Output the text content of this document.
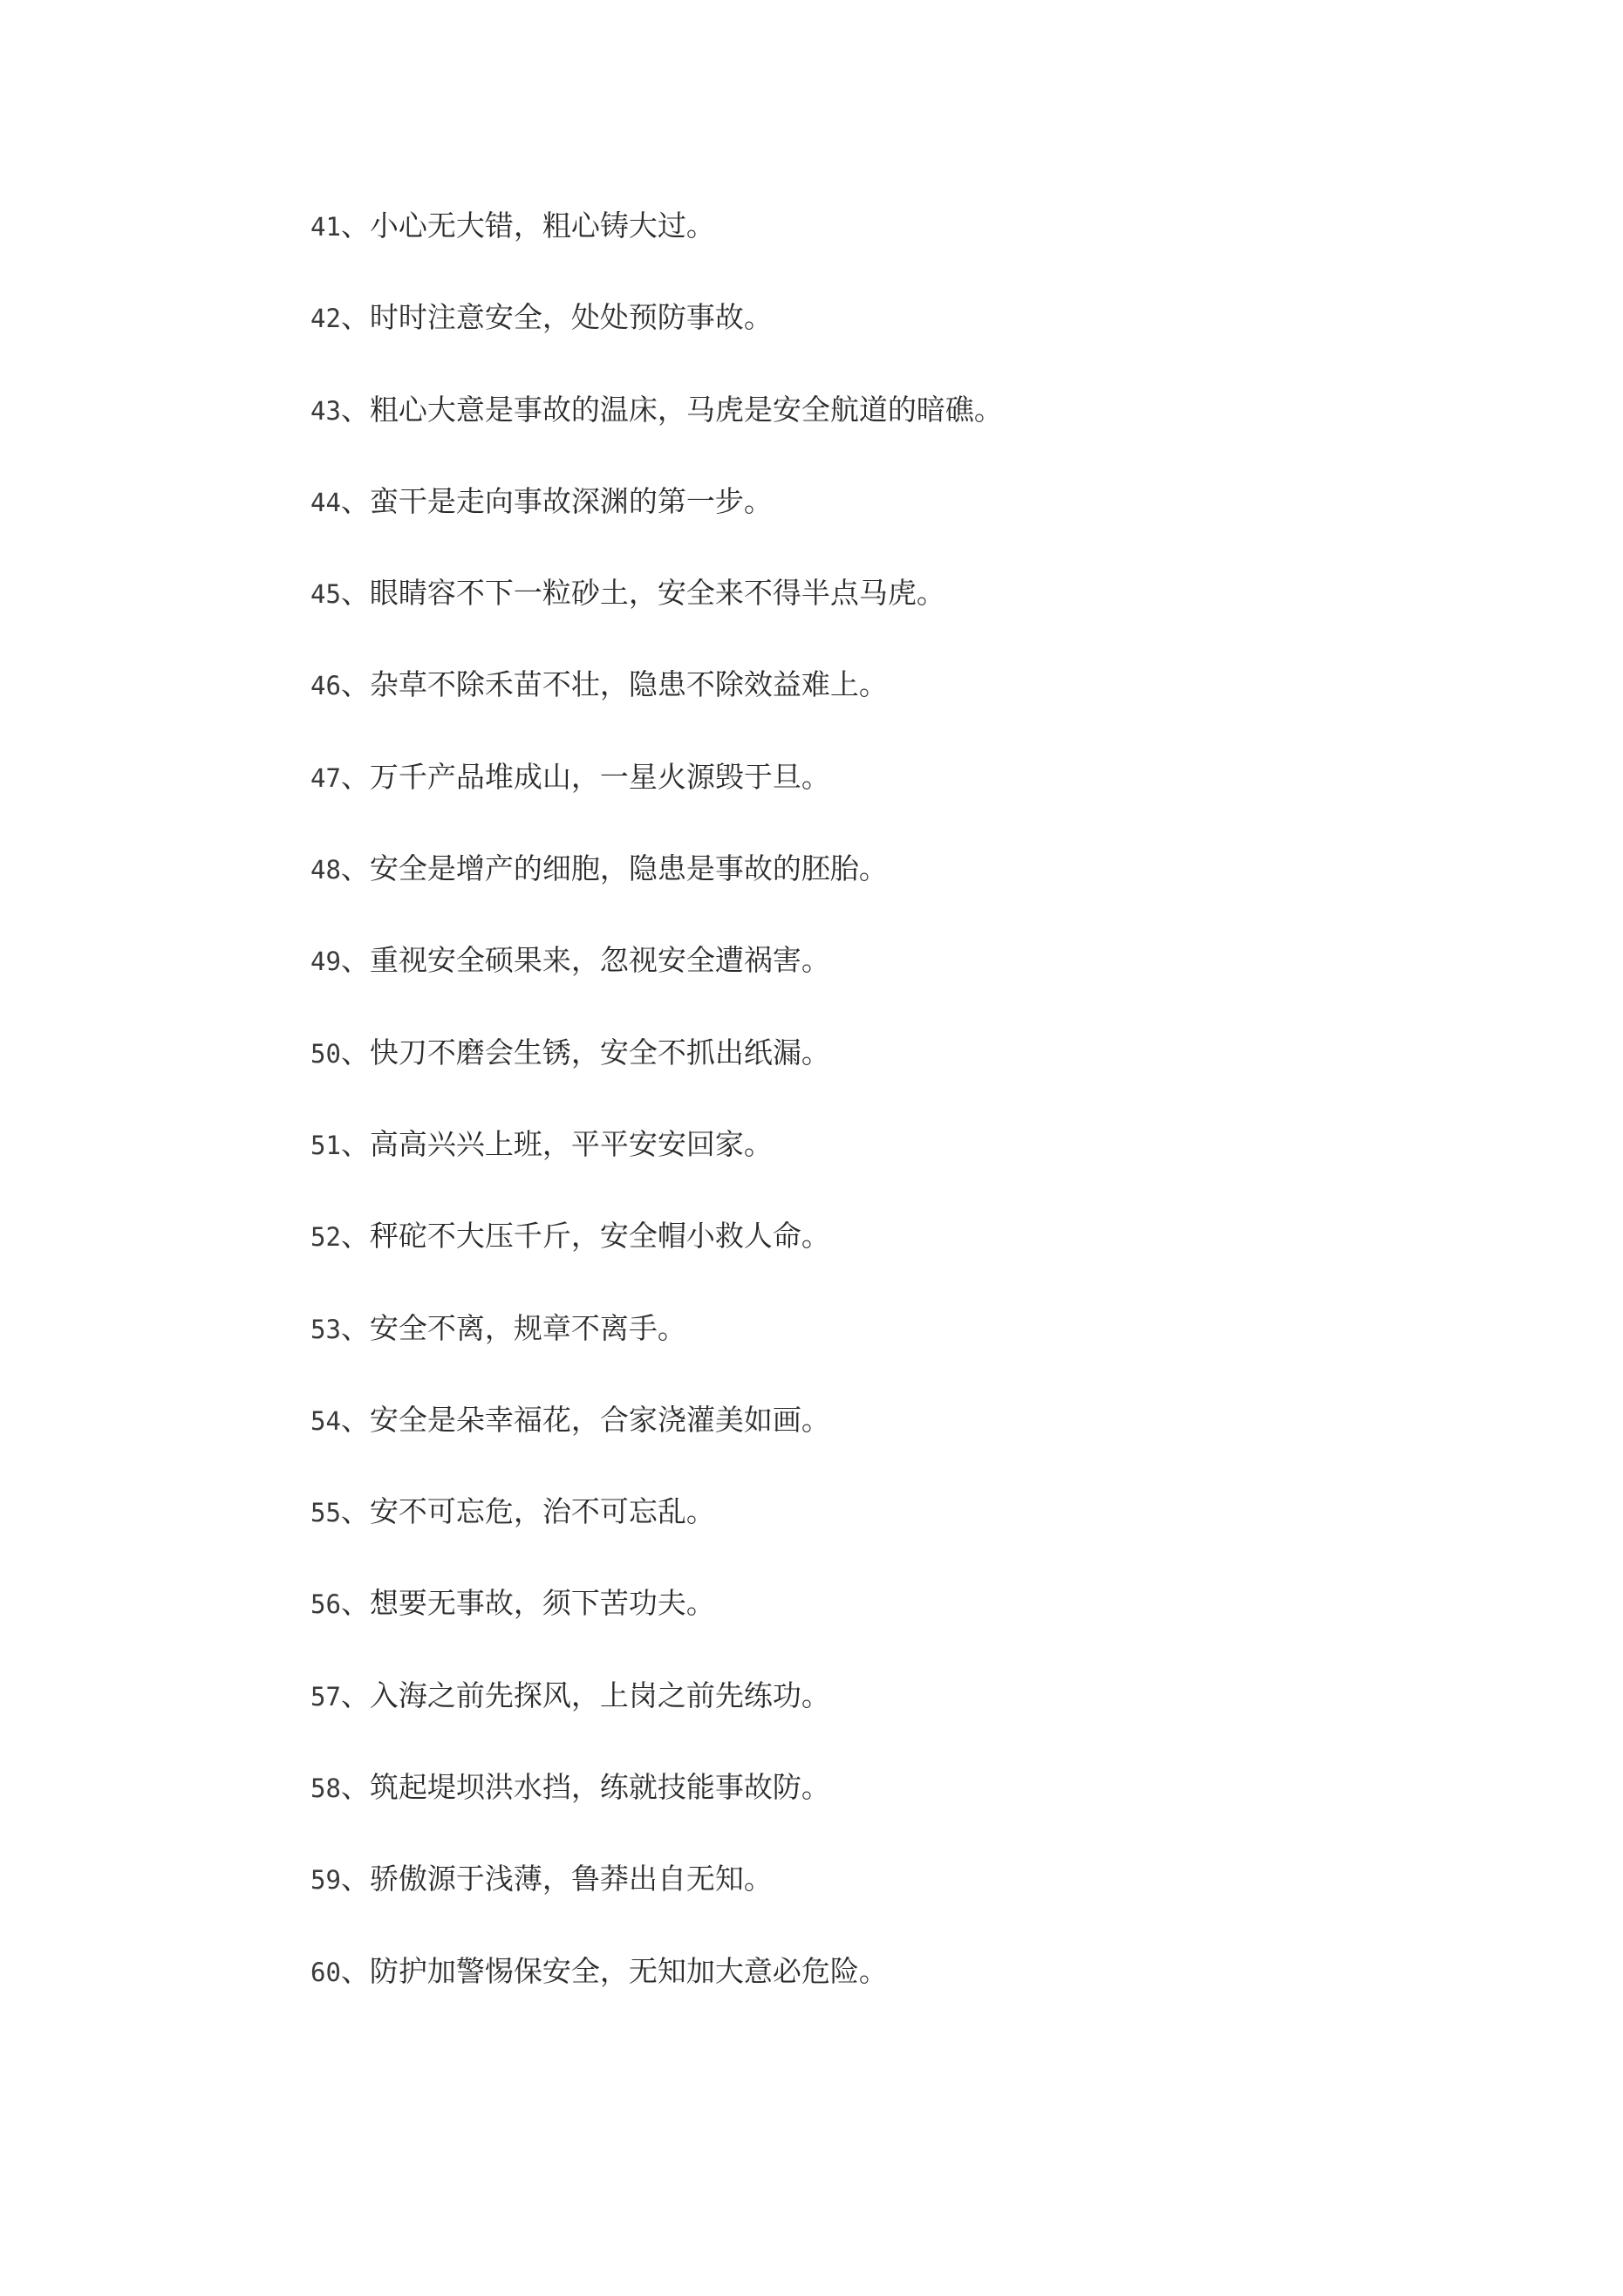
41、小心无大错，粗心铸大过。
42、时时注意安全，处处预防事故。
43、粗心大意是事故的温床，马虎是安全航道的暗礁。
44、蛮干是走向事故深渊的第一步。
45、眼睛容不下一粒砂土，安全来不得半点马虎。
46、杂草不除禾苗不壮，隐患不除效益难上。
47、万千产品堆成山，一星火源毁于旦。
48、安全是增产的细胞，隐患是事故的胚胎。
49、重视安全硕果来，忽视安全遭祸害。
50、快刀不磨会生锈，安全不抓出纸漏。
51、高高兴兴上班，平平安安回家。
52、秤砣不大压千斤，安全帽小救人命。
53、安全不离，规章不离手。
54、安全是朵幸福花，合家浇灌美如画。
55、安不可忘危，治不可忘乱。
56、想要无事故，须下苦功夫。
57、入海之前先探风，上岗之前先练功。
58、筑起堤坝洪水挡，练就技能事故防。
59、骄傲源于浅薄，鲁莽出自无知。
60、防护加警惕保安全，无知加大意必危险。
